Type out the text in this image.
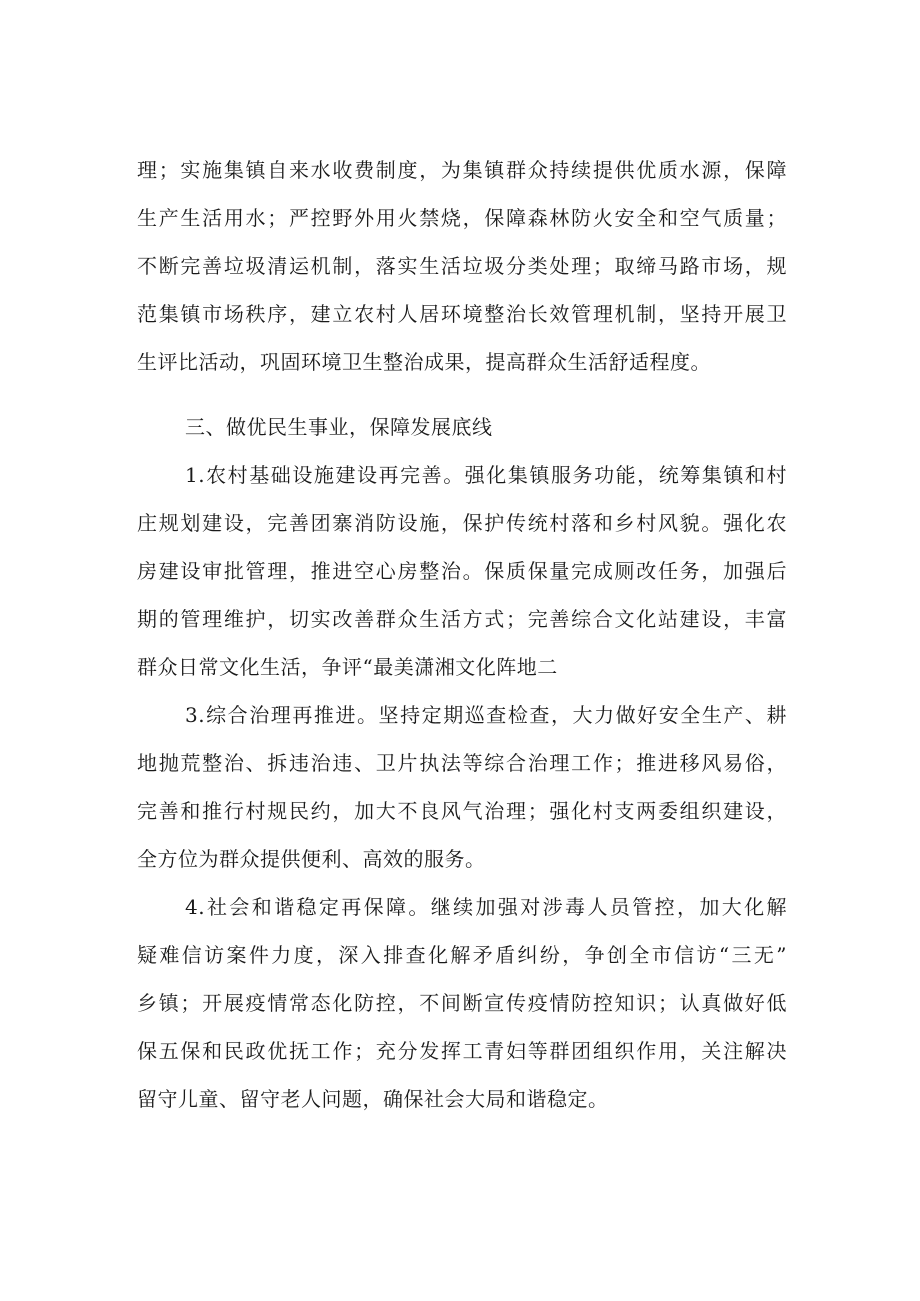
理；实施集镇自来水收费制度，为集镇群众持续提供优质水源，保障
生产生活用水；严控野外用火禁烧，保障森林防火安全和空气质量；
不断完善垃圾清运机制，落实生活垃圾分类处理；取缔马路市场，规
范集镇市场秩序，建立农村人居环境整治长效管理机制，坚持开展卫
生评比活动，巩固环境卫生整治成果，提高群众生活舒适程度。
三、做优民生事业，保障发展底线
1.农村基础设施建设再完善。强化集镇服务功能，统筹集镇和村
庄规划建设，完善团寨消防设施，保护传统村落和乡村风貌。强化农
房建设审批管理，推进空心房整治。保质保量完成厕改任务，加强后
期的管理维护，切实改善群众生活方式；完善综合文化站建设，丰富
群众日常文化生活，争评“最美潇湘文化阵地二
3.综合治理再推进。坚持定期巡查检查，大力做好安全生产、耕
地抛荒整治、拆违治违、卫片执法等综合治理工作；推进移风易俗，
完善和推行村规民约，加大不良风气治理；强化村支两委组织建设，
全方位为群众提供便利、高效的服务。
4.社会和谐稳定再保障。继续加强对涉毒人员管控，加大化解
疑难信访案件力度，深入排查化解矛盾纠纷，争创全市信访“三无”
乡镇；开展疫情常态化防控，不间断宣传疫情防控知识；认真做好低
保五保和民政优抚工作；充分发挥工青妇等群团组织作用，关注解决
留守儿童、留守老人问题，确保社会大局和谐稳定。
